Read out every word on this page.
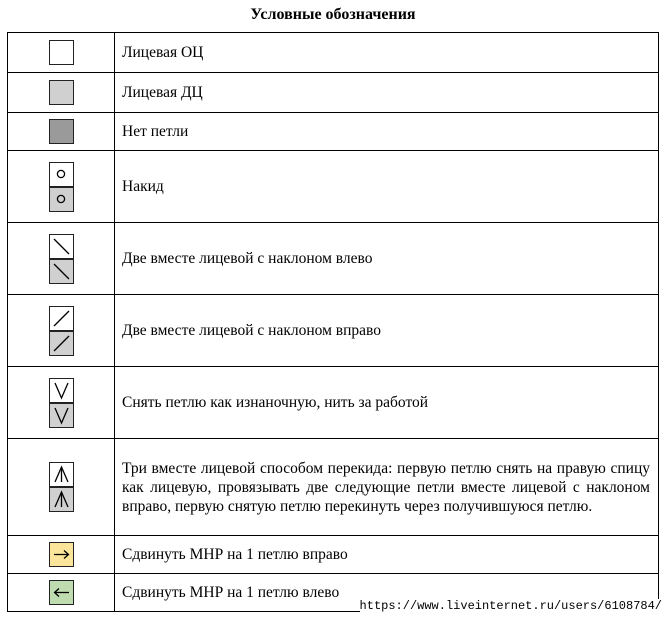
Условные обозначения
	Лицевая ОЦ

	Лицевая ДЦ

	Нет петли

	Накид

	Две вместе лицевой с наклоном влево

	Две вместе лицевой с наклоном вправо

	Снять петлю как изнаночную, нить за работой

	Три вместе лицевой способом перекида: первую петлю снять на правую спицу как лицевую, провязывать две следующие петли вместе лицевой с наклоном вправо, первую снятую петлю перекинуть через получившуюся петлю.

	Сдвинуть МНР на 1 петлю вправо

	Сдвинуть МНР на 1 петлю влево
https://www.liveinternet.ru/users/6108784/
